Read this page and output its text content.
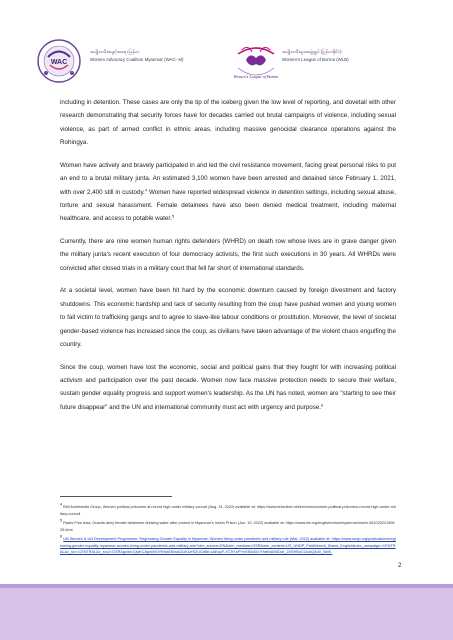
WAC
အမျိုးသမီးအခွင့်အရေး မြန်မာ
Women Advocacy Coalition Myanmar (WAC- M)
Women's League of Burma
အမျိုးသမီးများအဖွဲ့ချုပ် (မြန်မာနိုင်ငံ)
Women's League of Burma (WLB)

including in detention. These cases are only the tip of the iceberg given the low level of reporting, and dovetail with other research demonstrating that security forces have for decades carried out brutal campaigns of violence, including sexual violence, as part of armed conflict in ethnic areas, including massive genocidal clearance operations against the Rohingya.

Women have actively and bravely participated in and led the civil resistance movement, facing great personal risks to put an end to a brutal military junta. An estimated 3,100 women have been arrested and detained since February 1, 2021, with over 2,400 still in custody.$^4$ Women have reported widespread violence in detention settings, including sexual abuse, torture and sexual harassment. Female detainees have also been denied medical treatment, including maternal healthcare, and access to potable water.$^5$

Currently, there are nine women human rights defenders (WHRD) on death row whose lives are in grave danger given the military junta's recent execution of four democracy activists, the first such executions in 30 years. All WHRDs were convicted after closed trials in a military court that fell far short of international standards.

At a societal level, women have been hit hard by the economic downturn caused by foreign divestment and factory shutdowns. This economic hardship and lack of security resulting from the coup have pushed women and young women to fall victim to trafficking gangs and to agree to slave-like labour conditions or prostitution. Moreover, the level of societal gender-based violence has increased since the coup, as civilians have taken advantage of the violent chaos engulfing the country.

Since the coup, women have lost the economic, social and political gains that they fought for with increasing political activism and participation over the past decade. Women now face massive protection needs to secure their welfare, sustain gender equality progress and support women's leadership. As the UN has noted, women are "starting to see their future disappear" and the UN and international community must act with urgency and purpose.$^6$

$^4$ Bhil Multimedia Group, Women political prisoners at record high under military council (Aug. 31, 2022) available at: https://www.bnionline.net/en/news/women-political-prisoners-record-high-under-military-council.

$^5$ Radio Free Asia, Guards deny female detainees drinking water after protest in Myanmar's Insein Prison (Jun. 10, 2022) available at: https://www.rfa.org/english/news/myanmar/insein-06102022190625.html.

$^6$ UN Women & UN Development Programme, Regressing Gender Equality in Myanmar: Women living under pandemic and military rule (Mar. 2022) available at: https://www.undp.org/publications/regressing-gender-equality-myanmar-women-living-under-pandemic-and-military-rule?utm_source=EN&utm_medium=GSR&utm_content=US_UNDP_PaidSearch_Brand_English&utm_campaign=CENTRAL&c_src=CENTRAL&c_src2=GSR&gclid=CjwKCAjwxMOYBhAEEiwAGUKUeS2UGd8e-sAEquF-XTJH-sPYnSS5dDv7HwkhAN0Dwl_ZhSHBoCOoAQAvD_BwE.

2
